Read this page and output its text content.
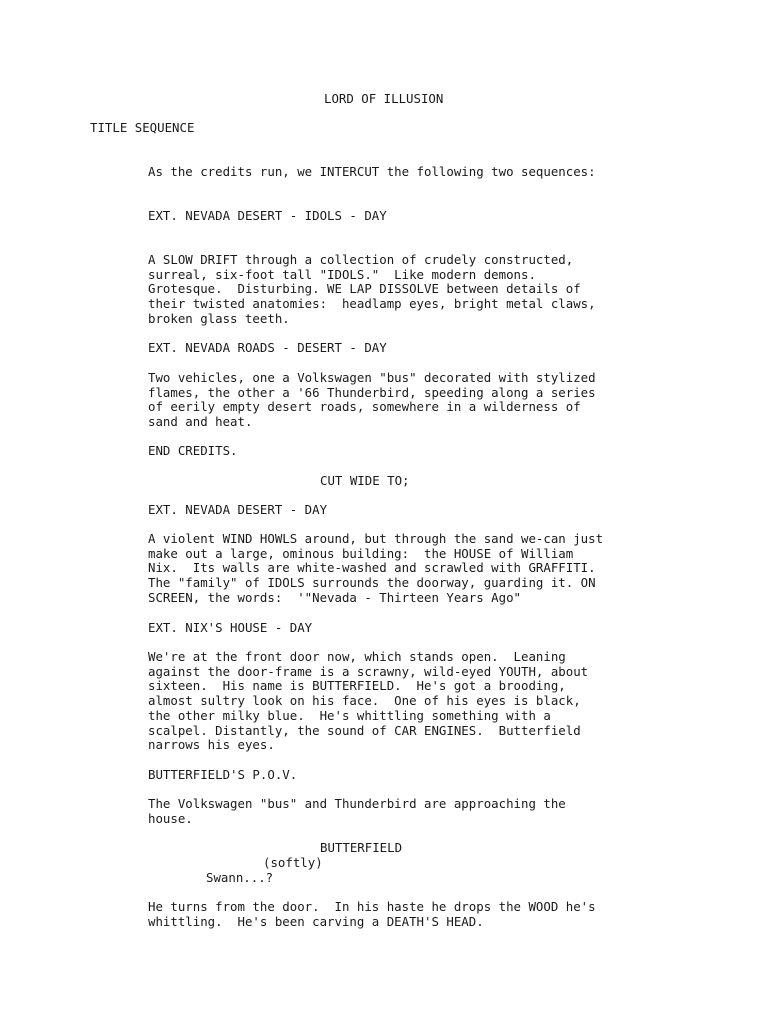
LORD OF ILLUSION
TITLE SEQUENCE
As the credits run, we INTERCUT the following two sequences:
EXT. NEVADA DESERT - IDOLS - DAY
A SLOW DRIFT through a collection of crudely constructed,
surreal, six-foot tall "IDOLS."  Like modern demons.
Grotesque.  Disturbing. WE LAP DISSOLVE between details of
their twisted anatomies:  headlamp eyes, bright metal claws,
broken glass teeth.
EXT. NEVADA ROADS - DESERT - DAY
Two vehicles, one a Volkswagen "bus" decorated with stylized
flames, the other a '66 Thunderbird, speeding along a series
of eerily empty desert roads, somewhere in a wilderness of
sand and heat.
END CREDITS.
CUT WIDE TO;
EXT. NEVADA DESERT - DAY
A violent WIND HOWLS around, but through the sand we-can just
make out a large, ominous building:  the HOUSE of William
Nix.  Its walls are white-washed and scrawled with GRAFFITI.
The "family" of IDOLS surrounds the doorway, guarding it. ON
SCREEN, the words:  '"Nevada - Thirteen Years Ago"
EXT. NIX'S HOUSE - DAY
We're at the front door now, which stands open.  Leaning
against the door-frame is a scrawny, wild-eyed YOUTH, about
sixteen.  His name is BUTTERFIELD.  He's got a brooding,
almost sultry look on his face.  One of his eyes is black,
the other milky blue.  He's whittling something with a
scalpel. Distantly, the sound of CAR ENGINES.  Butterfield
narrows his eyes.
BUTTERFIELD'S P.O.V.
The Volkswagen "bus" and Thunderbird are approaching the
house.
BUTTERFIELD
(softly)
Swann...?
He turns from the door.  In his haste he drops the WOOD he's
whittling.  He's been carving a DEATH'S HEAD.
